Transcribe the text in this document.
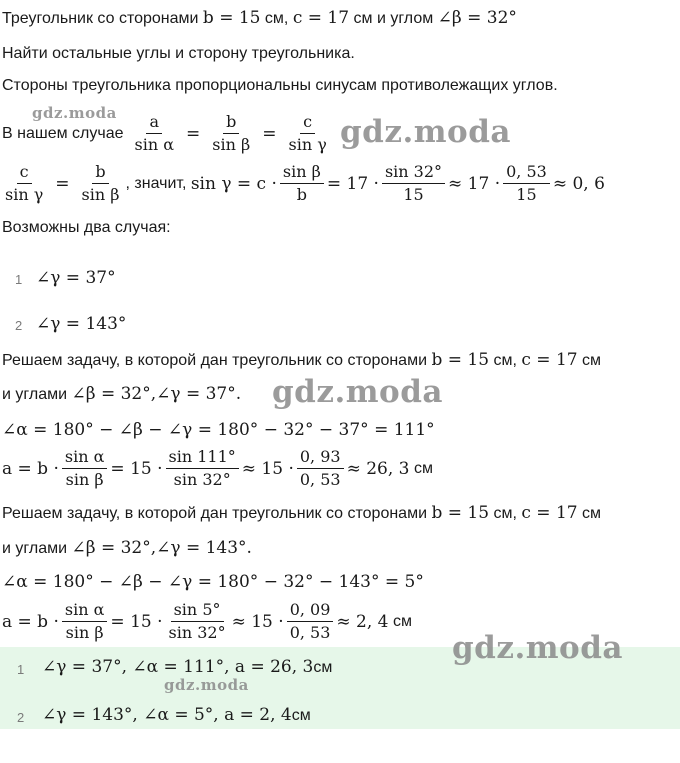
Треугольник со сторонами b = 15 см, c = 17 см и углом ∠β = 32°
Найти остальные углы и сторону треугольника.
Стороны треугольника пропорциональны синусам противолежащих углов.
В нашем случае $\frac{a}{\text{sin α}} = \frac{b}{\text{sin β}} = \frac{c}{\text{sin γ}}$
$\frac{c}{\text{sin γ}} = \frac{b}{\text{sin β}}$ , значит, $\sin \gamma = c \cdot \frac{\text{sin β}}{b} = 17 \cdot \frac{\sin 32^\circ}{15} \approx 17 \cdot \frac{0, 53}{15} \approx 0$, 6
Возможны два случая:
1 ∠γ = 37°
2 ∠γ = 143°
Решаем задачу, в которой дан треугольник со сторонами b = 15 см, c = 17 см
и углами ∠β = 32°,∠γ = 37°.
∠α = 180° − ∠β − ∠γ = 180° − 32° − 37° = 111°
$a = b \cdot \frac{\text{sin α}}{\text{sin β}} = 15 \cdot \frac{\sin 111^\circ}{\sin 32^\circ} \approx 15 \cdot \frac{0, 93}{0, 53} \approx 26$, 3 см
Решаем задачу, в которой дан треугольник со сторонами b = 15 см, c = 17 см
и углами ∠β = 32°,∠γ = 143°.
∠α = 180° − ∠β − ∠γ = 180° − 32° − 143° = 5°
$a = b \cdot \frac{\text{sin α}}{\text{sin β}} = 15 \cdot \frac{\sin 5^\circ}{\sin 32^\circ} \approx 15 \cdot \frac{0, 09}{0, 53} \approx 2$, 4 см
1 ∠γ = 37°, ∠α = 111°, a = 26, 3см
2 ∠γ = 143°, ∠α = 5°, a = 2, 4см
gdz.moda
gdz.moda
gdz.moda
gdz.moda
gdz.moda
